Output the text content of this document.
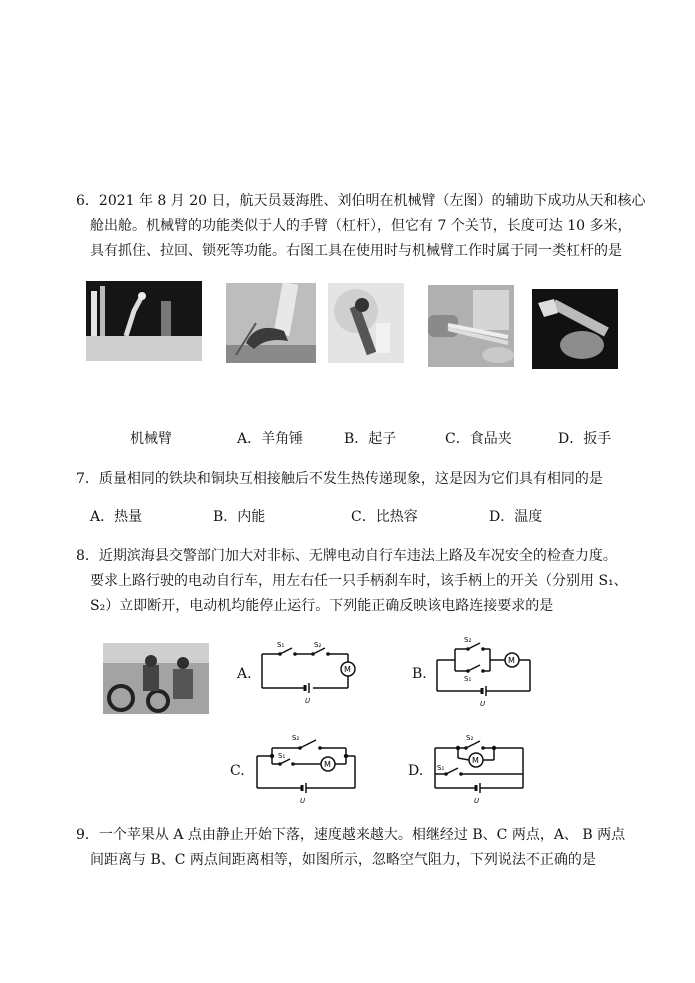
6．2021 年 8 月 20 日，航天员聂海胜、刘伯明在机械臂（左图）的辅助下成功从天和核心
舱出舱。机械臂的功能类似于人的手臂（杠杆），但它有 7 个关节，长度可达 10 多米，
具有抓住、拉回、锁死等功能。右图工具在使用时与机械臂工作时属于同一类杠杆的是
机械臂	A．羊角锤	B．起子	C．食品夹	D．扳手
7．质量相同的铁块和铜块互相接触后不发生热传递现象，这是因为它们具有相同的是
A．热量	B．内能	C．比热容	D．温度
8．近期滨海县交警部门加大对非标、无牌电动自行车违法上路及车况安全的检查力度。
要求上路行驶的电动自行车，用左右任一只手柄刹车时，该手柄上的开关（分别用 S₁、
S₂）立即断开，电动机均能停止运行。下列能正确反映该电路连接要求的是
A.	B.
C.	D.
S₁	S₂
M
U
S₂
S₁
M
U
S₂
S₁
M
U
S₂
S₁
M
U
9．一个苹果从 A 点由静止开始下落，速度越来越大。相继经过 B、C 两点，A、 B 两点
间距离与 B、C 两点间距离相等，如图所示，忽略空气阻力，下列说法不正确的是
